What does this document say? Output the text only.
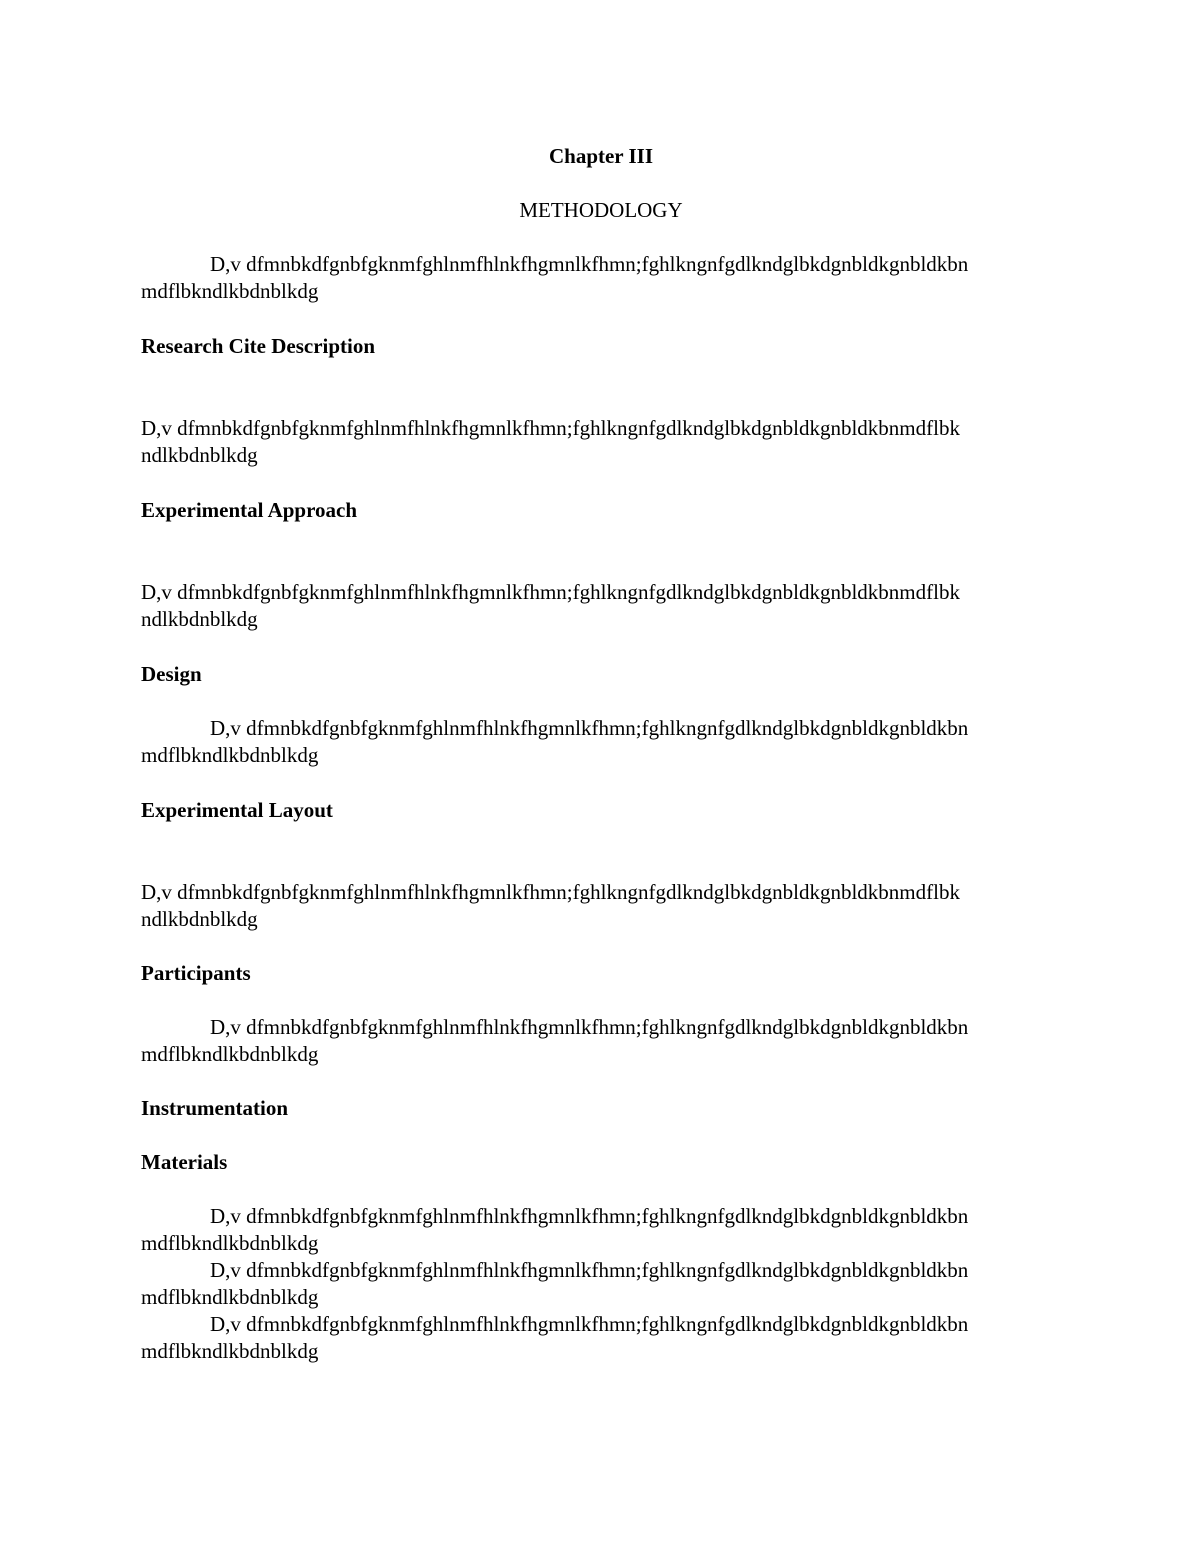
Chapter III
METHODOLOGY
D,v dfmnbkdfgnbfgknmfghlnmfhlnkfhgmnlkfhmn;fghlkngnfgdlkndglbkdgnbldkgnbldkbn
mdflbkndlkbdnblkdg
Research Cite Description
D,v dfmnbkdfgnbfgknmfghlnmfhlnkfhgmnlkfhmn;fghlkngnfgdlkndglbkdgnbldkgnbldkbnmdflbk
ndlkbdnblkdg
Experimental Approach
D,v dfmnbkdfgnbfgknmfghlnmfhlnkfhgmnlkfhmn;fghlkngnfgdlkndglbkdgnbldkgnbldkbnmdflbk
ndlkbdnblkdg
Design
D,v dfmnbkdfgnbfgknmfghlnmfhlnkfhgmnlkfhmn;fghlkngnfgdlkndglbkdgnbldkgnbldkbn
mdflbkndlkbdnblkdg
Experimental Layout
D,v dfmnbkdfgnbfgknmfghlnmfhlnkfhgmnlkfhmn;fghlkngnfgdlkndglbkdgnbldkgnbldkbnmdflbk
ndlkbdnblkdg
Participants
D,v dfmnbkdfgnbfgknmfghlnmfhlnkfhgmnlkfhmn;fghlkngnfgdlkndglbkdgnbldkgnbldkbn
mdflbkndlkbdnblkdg
Instrumentation
Materials
D,v dfmnbkdfgnbfgknmfghlnmfhlnkfhgmnlkfhmn;fghlkngnfgdlkndglbkdgnbldkgnbldkbn
mdflbkndlkbdnblkdg
D,v dfmnbkdfgnbfgknmfghlnmfhlnkfhgmnlkfhmn;fghlkngnfgdlkndglbkdgnbldkgnbldkbn
mdflbkndlkbdnblkdg
D,v dfmnbkdfgnbfgknmfghlnmfhlnkfhgmnlkfhmn;fghlkngnfgdlkndglbkdgnbldkgnbldkbn
mdflbkndlkbdnblkdg
